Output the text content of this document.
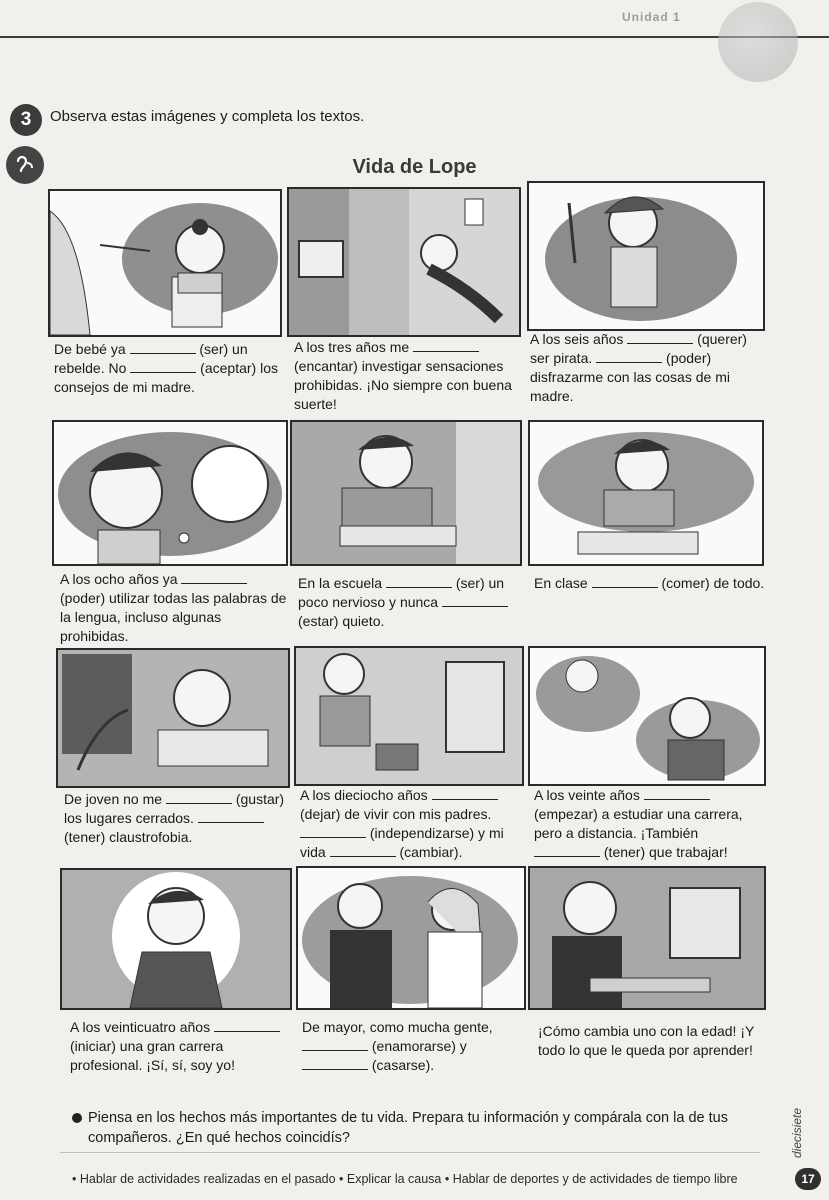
Unidad 1
3	Observa estas imágenes y completa los textos.
Vida de Lope
De bebé ya	(ser) un rebelde. No	(aceptar) los consejos de mi madre.
A los tres años me  (encantar) investigar sensaciones prohibidas. ¡No siempre con buena suerte!
A los seis años	(querer) ser pirata.	(poder) disfrazarme con las cosas de mi madre.
A los ocho años ya  (poder) utilizar todas las palabras de la lengua, incluso algunas prohibidas.
En la escuela	(ser) un poco nervioso y nunca  (estar) quieto.
En clase	(comer) de todo.
De joven no me	(gustar) los lugares cerrados.  (tener) claustrofobia.
A los dieciocho años  (dejar) de vivir con mis padres.  (independizarse) y mi vida	(cambiar).
A los veinte años  (empezar) a estudiar una carrera, pero a distancia. ¡También  (tener) que trabajar!
A los veinticuatro años  (iniciar) una gran carrera profesional. ¡Sí, sí, soy yo!
De mayor, como mucha gente,  (enamorarse) y  (casarse).
¡Cómo cambia uno con la edad! ¡Y todo lo que le queda por aprender!
Piensa en los hechos más importantes de tu vida. Prepara tu información y compárala con la de tus compañeros. ¿En qué hechos coincidís?
• Hablar de actividades realizadas en el pasado • Explicar la causa • Hablar de deportes y de actividades de tiempo libre
diecisiete
17
